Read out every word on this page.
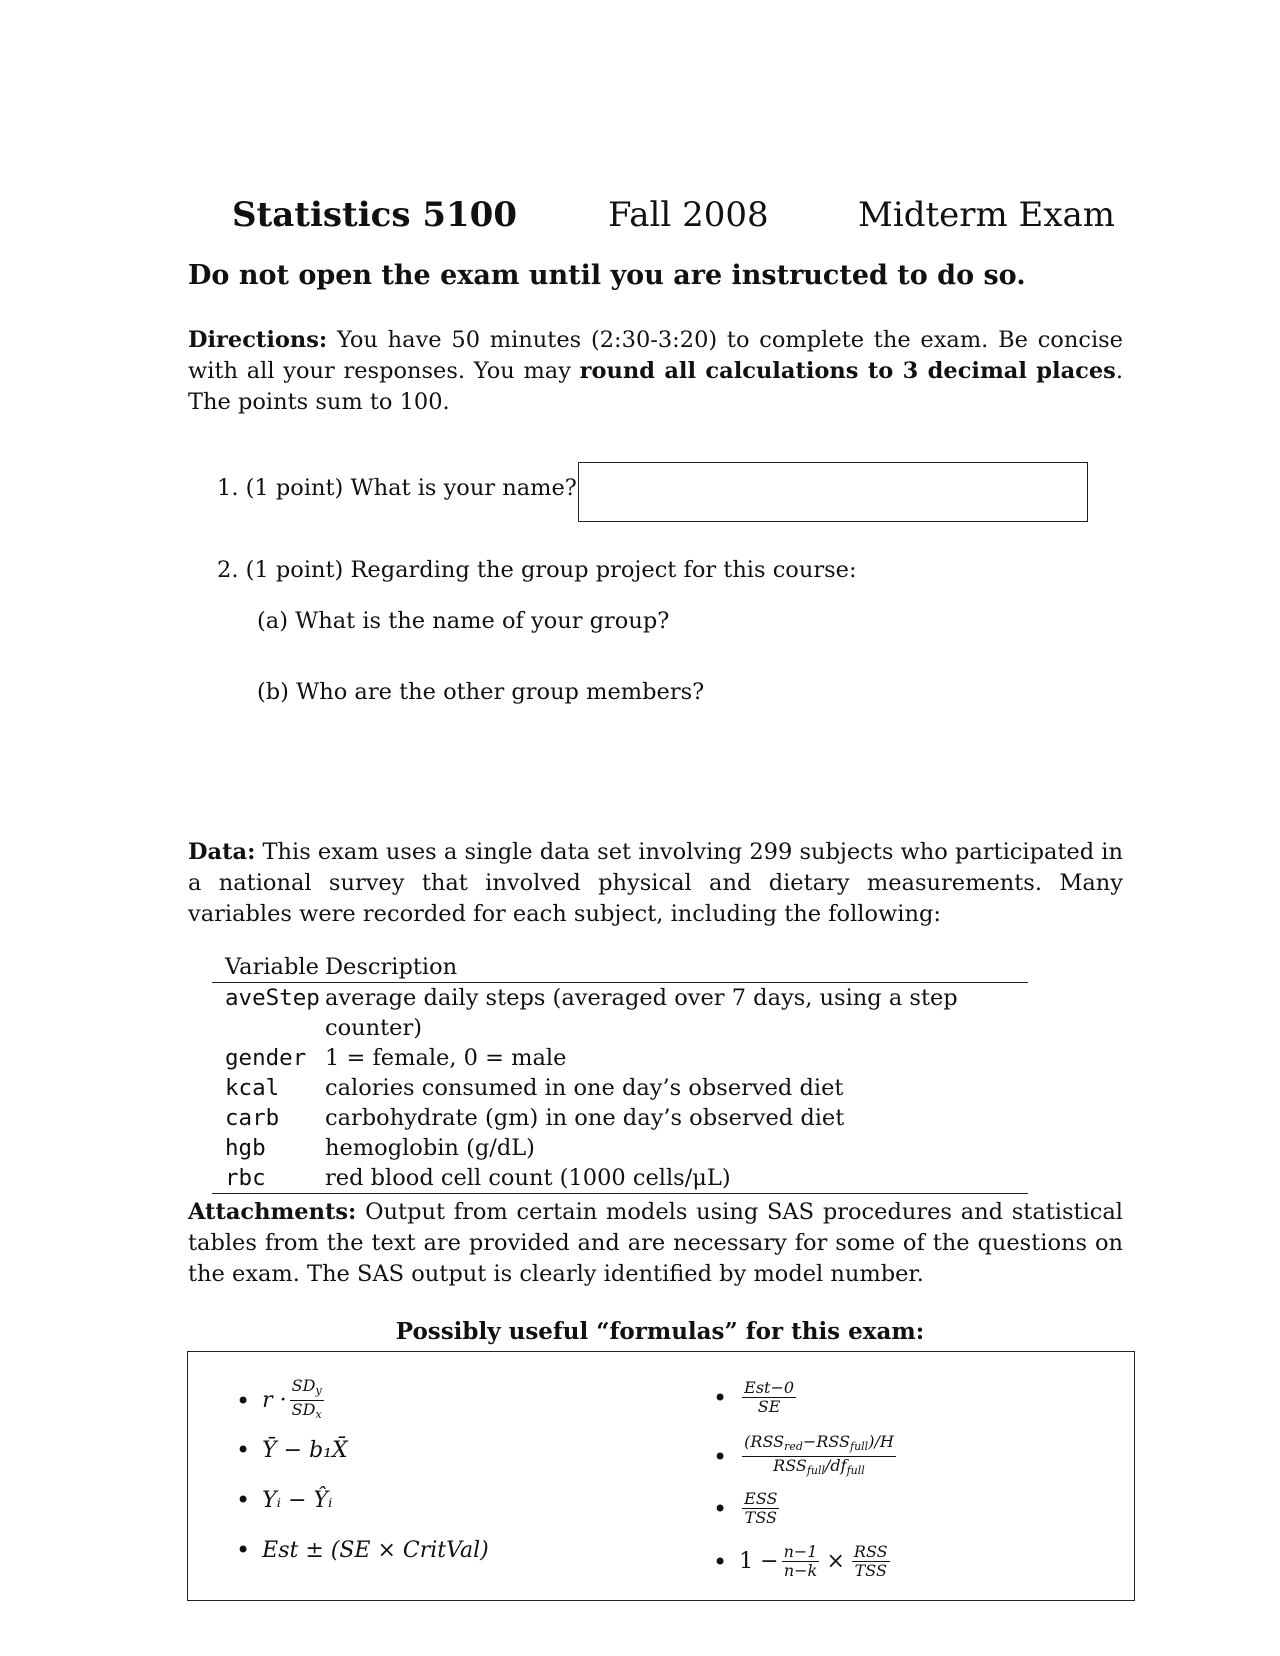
Statistics 5100	Fall 2008	Midterm Exam
Do not open the exam until you are instructed to do so.
Directions: You have 50 minutes (2:30-3:20) to complete the exam. Be concise with all your responses. You may round all calculations to 3 decimal places. The points sum to 100.
1. (1 point) What is your name?
2. (1 point) Regarding the group project for this course:
(a) What is the name of your group?
(b) Who are the other group members?
Data: This exam uses a single data set involving 299 subjects who participated in a national survey that involved physical and dietary measurements. Many variables were recorded for each subject, including the following:
Variable Description
aveStep average daily steps (averaged over 7 days, using a step counter)
gender 1 = female, 0 = male
kcal	calories consumed in one day’s observed diet
carb	carbohydrate (gm) in one day’s observed diet
hgb	hemoglobin (g/dL)
rbc	red blood cell count (1000 cells/μL)
Attachments: Output from certain models using SAS procedures and statistical tables from the text are provided and are necessary for some of the questions on the exam. The SAS output is clearly identified by model number.
Possibly useful “formulas” for this exam:
• $r \cdot \frac{SD_y}{SD_x}$
• Ȳ − b₁X̄
• Yᵢ − Ŷᵢ
• Est ± (SE × CritVal)
• $\frac{\text{Est−0}}{SE}$
• $\frac{(RSS_{red}-RSS_{full})/H}{RSS_{full}/df_{full}}$
• $\frac{\text{ESS}}{\text{TSS}}$
• $1 - \frac{n-1}{n-k} \times \frac{\text{RSS}}{\text{TSS}}$
